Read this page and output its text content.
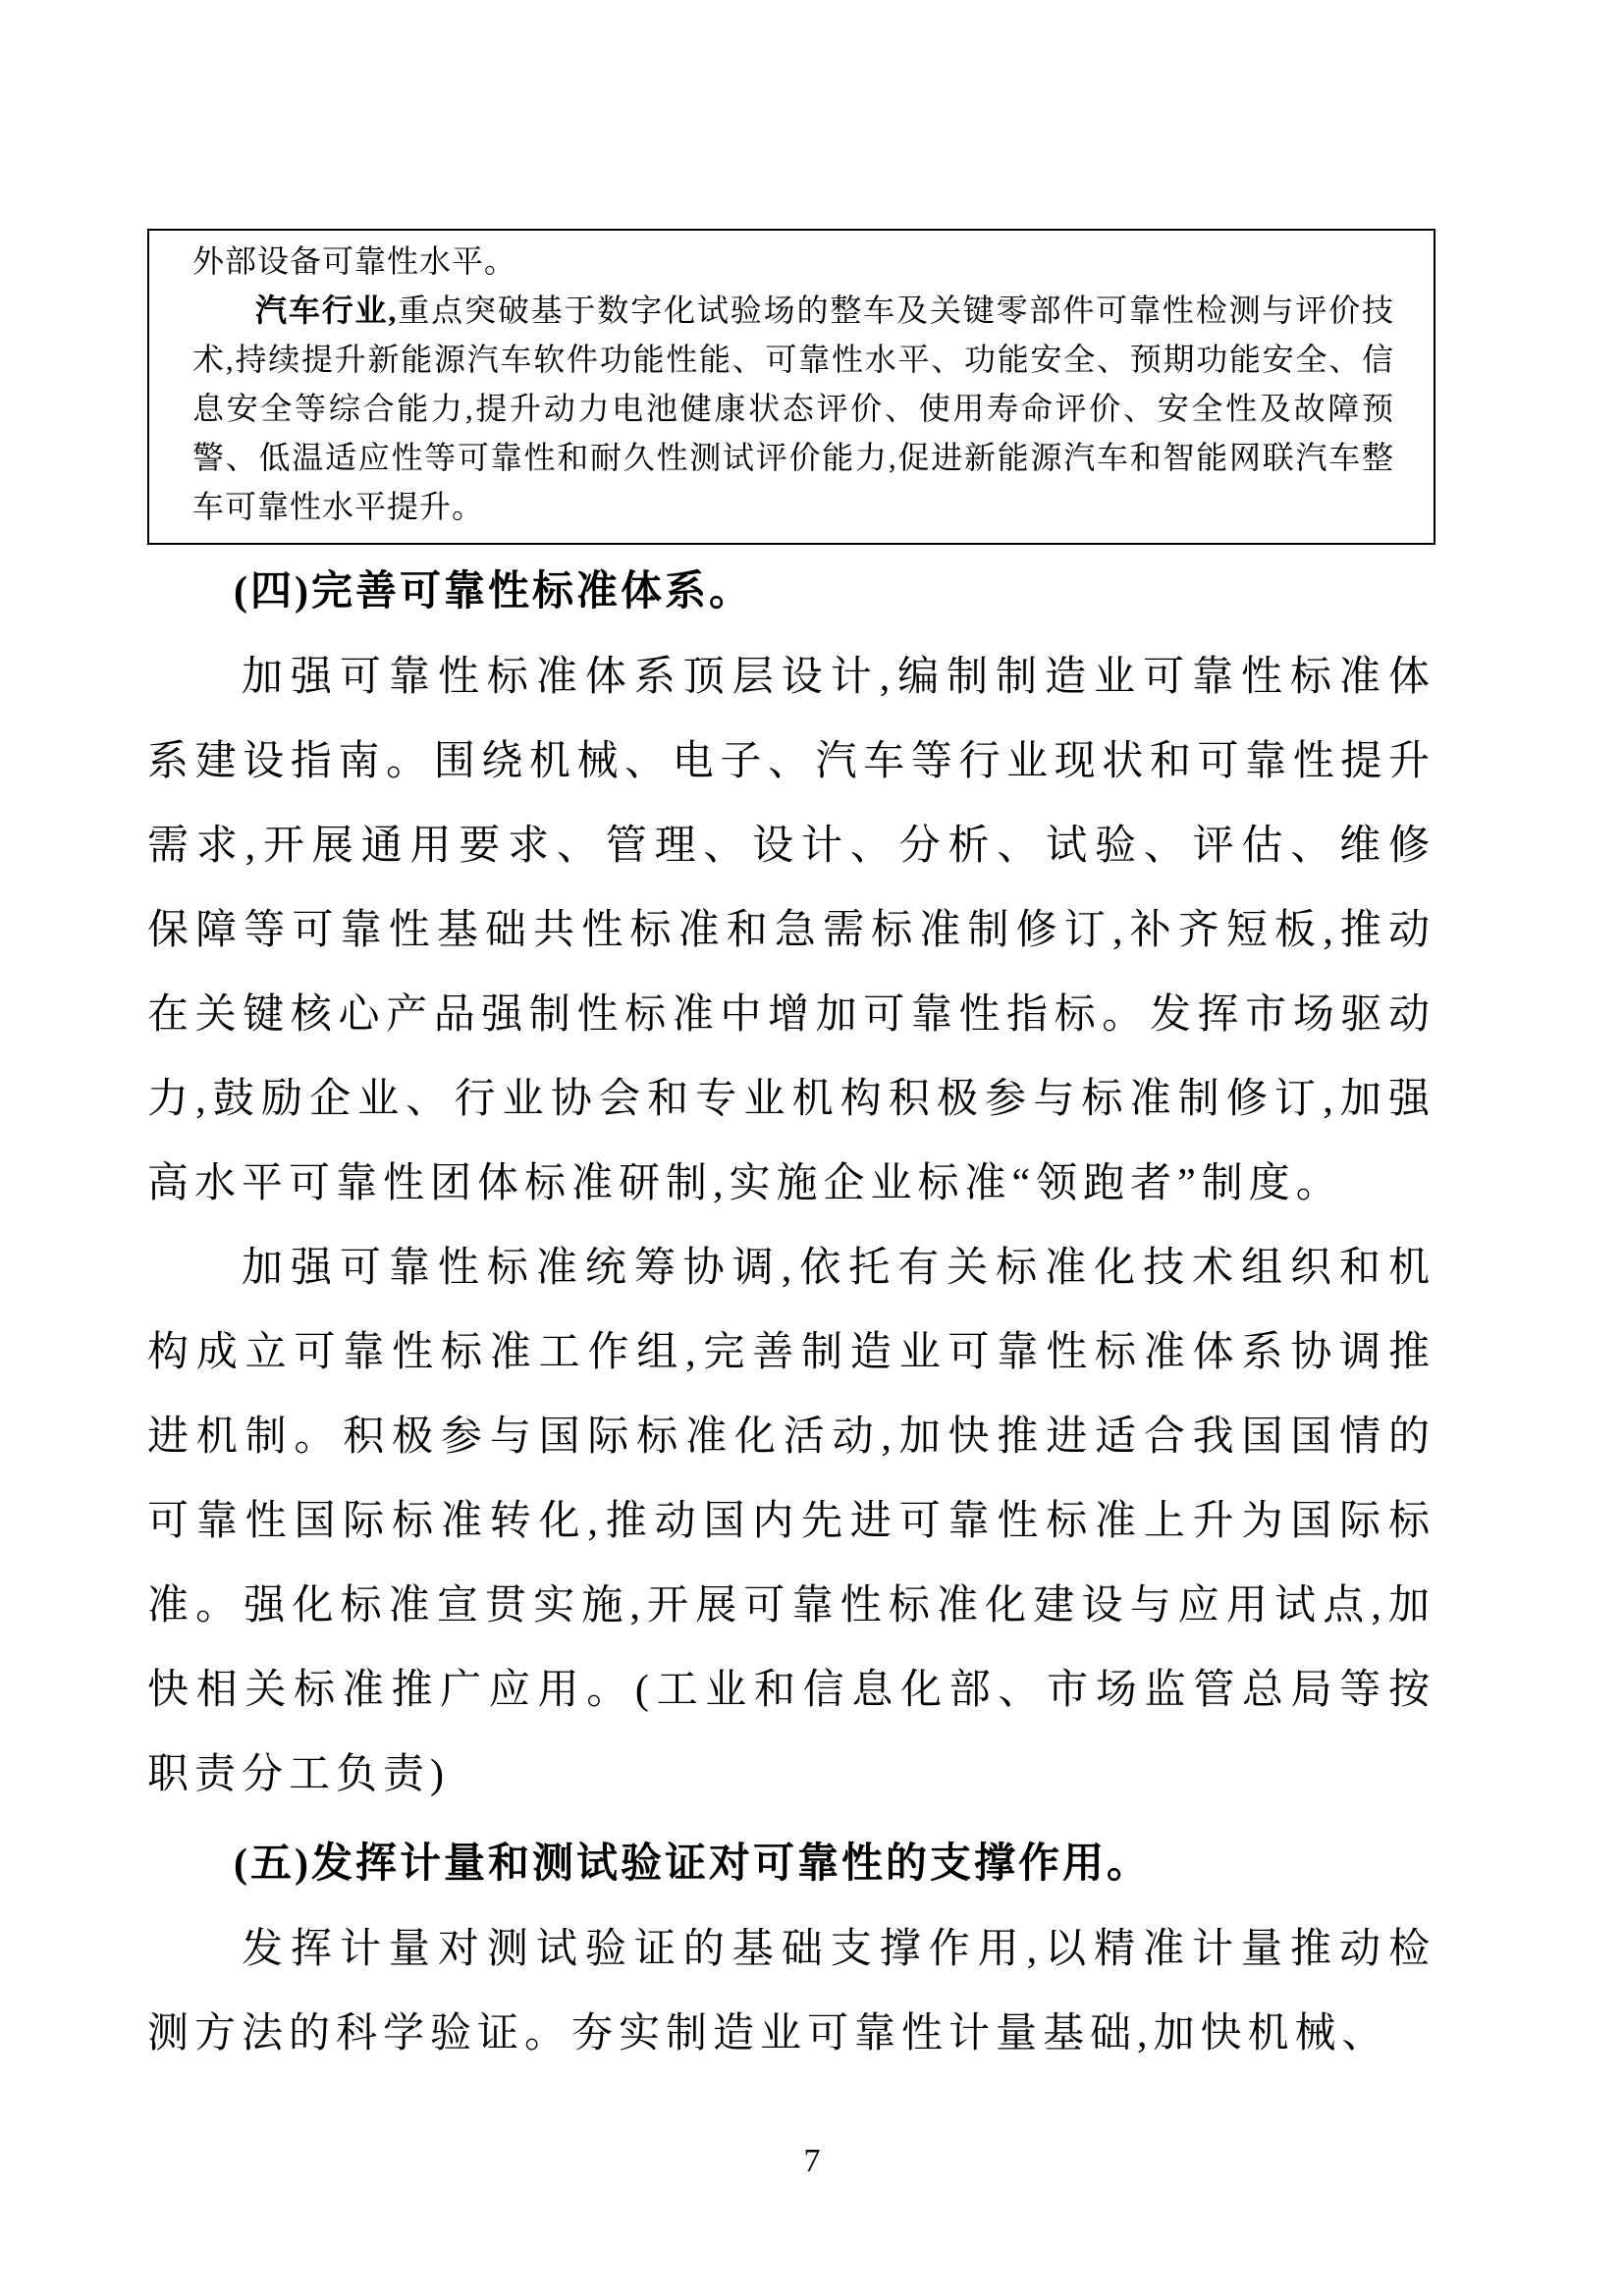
外部设备可靠性水平。

汽车行业,重点突破基于数字化试验场的整车及关键零部件可靠性检测与评价技术,持续提升新能源汽车软件功能性能、可靠性水平、功能安全、预期功能安全、信息安全等综合能力,提升动力电池健康状态评价、使用寿命评价、安全性及故障预警、低温适应性等可靠性和耐久性测试评价能力,促进新能源汽车和智能网联汽车整车可靠性水平提升。

(四)完善可靠性标准体系。

加强可靠性标准体系顶层设计,编制制造业可靠性标准体系建设指南。围绕机械、电子、汽车等行业现状和可靠性提升需求,开展通用要求、管理、设计、分析、试验、评估、维修保障等可靠性基础共性标准和急需标准制修订,补齐短板,推动在关键核心产品强制性标准中增加可靠性指标。发挥市场驱动力,鼓励企业、行业协会和专业机构积极参与标准制修订,加强高水平可靠性团体标准研制,实施企业标准“领跑者”制度。

加强可靠性标准统筹协调,依托有关标准化技术组织和机构成立可靠性标准工作组,完善制造业可靠性标准体系协调推进机制。积极参与国际标准化活动,加快推进适合我国国情的可靠性国际标准转化,推动国内先进可靠性标准上升为国际标准。强化标准宣贯实施,开展可靠性标准化建设与应用试点,加快相关标准推广应用。(工业和信息化部、市场监管总局等按职责分工负责)

(五)发挥计量和测试验证对可靠性的支撑作用。

发挥计量对测试验证的基础支撑作用,以精准计量推动检测方法的科学验证。夯实制造业可靠性计量基础,加快机械、

7
